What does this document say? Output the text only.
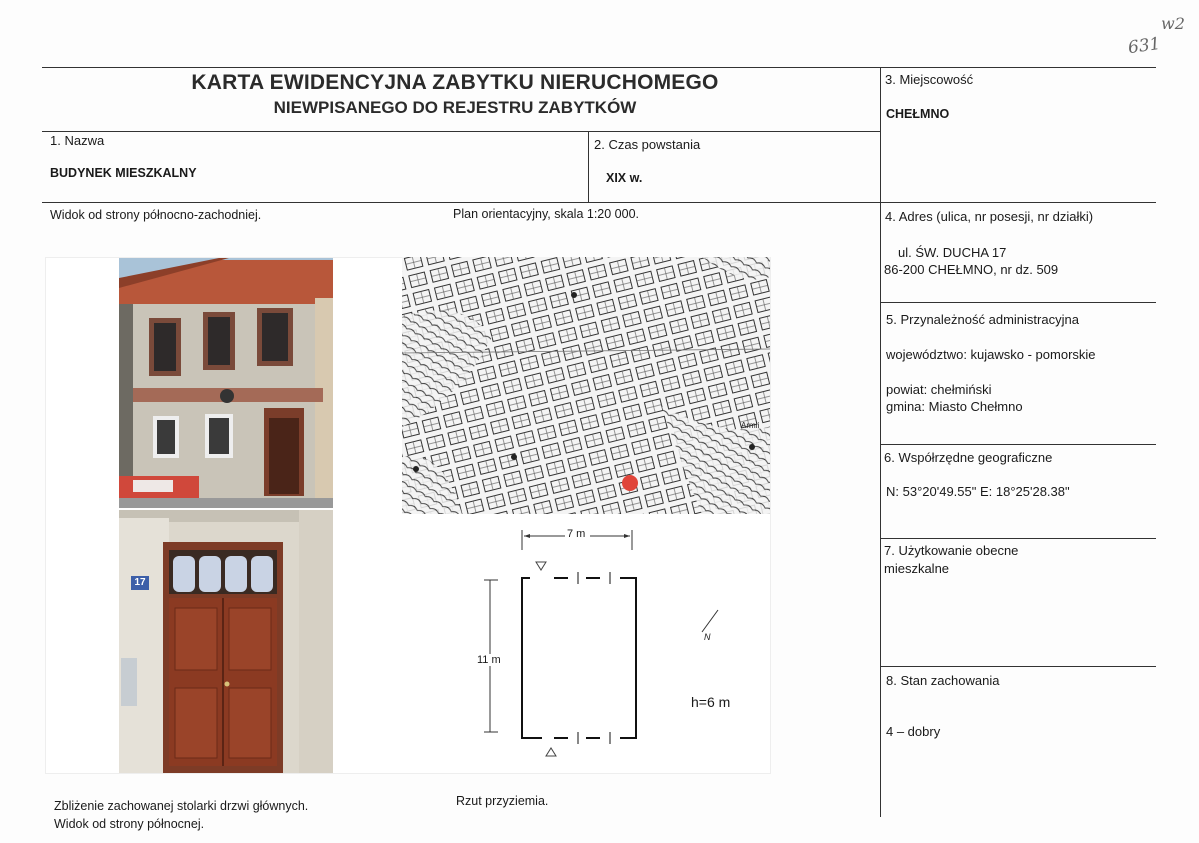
w2
631
KARTA EWIDENCYJNA ZABYTKU NIERUCHOMEGO
NIEWPISANEGO DO REJESTRU ZABYTKÓW
1. Nazwa
BUDYNEK MIESZKALNY
2. Czas powstania
XIX w.
3. Miejscowość
CHEŁMNO
4. Adres (ulica, nr posesji, nr działki)
ul. ŚW. DUCHA 17
86-200 CHEŁMNO, nr dz. 509
5. Przynależność administracyjna
województwo: kujawsko - pomorskie
powiat: chełmiński
gmina: Miasto Chełmno
6. Współrzędne geograficzne
N: 53°20'49.55" E: 18°25'28.38"
7. Użytkowanie obecne
mieszkalne
8. Stan zachowania
4 – dobry
Widok od strony północno-zachodniej.	Plan orientacyjny, skala 1:20 000.
Zbliżenie zachowanej stolarki drzwi głównych.
Widok od strony północnej.
Rzut przyziemia.
17
Armii
7 m
11 m
h=6 m
N
